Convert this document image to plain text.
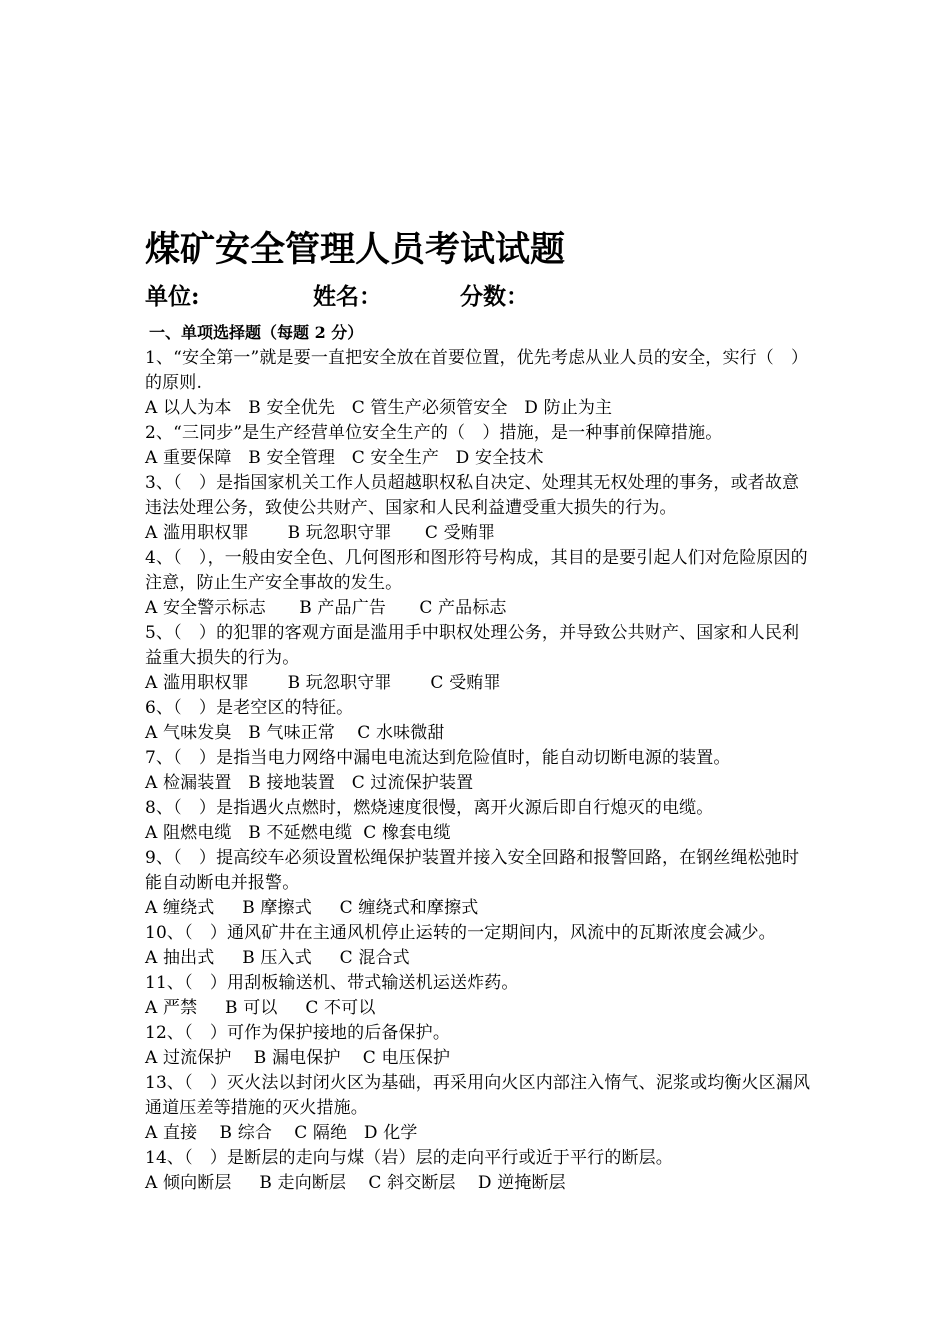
煤矿安全管理人员考试试题
单位:	姓名：	分数：
一、单项选择题（每题 2 分）
1、“安全第一”就是要一直把安全放在首要位置，优先考虑从业人员的安全，实行（　）的原则.
A 以人为本   B 安全优先   C 管生产必须管安全   D 防止为主
2、“三同步”是生产经营单位安全生产的（　）措施，是一种事前保障措施。
A 重要保障   B 安全管理   C 安全生产   D 安全技术
3、（　）是指国家机关工作人员超越职权私自决定、处理其无权处理的事务，或者故意违法处理公务，致使公共财产、国家和人民利益遭受重大损失的行为。
A 滥用职权罪       B 玩忽职守罪      C 受贿罪
4、（　），一般由安全色、几何图形和图形符号构成，其目的是要引起人们对危险原因的注意，防止生产安全事故的发生。
A 安全警示标志      B 产品广告      C 产品标志
5、（　）的犯罪的客观方面是滥用手中职权处理公务，并导致公共财产、国家和人民利益重大损失的行为。
A 滥用职权罪       B 玩忽职守罪       C 受贿罪
6、（　）是老空区的特征。
A 气味发臭   B 气味正常    C 水味微甜
7、（　）是指当电力网络中漏电电流达到危险值时，能自动切断电源的装置。
A 检漏装置   B 接地装置   C 过流保护装置
8、（　）是指遇火点燃时，燃烧速度很慢，离开火源后即自行熄灭的电缆。
A 阻燃电缆   B 不延燃电缆  C 橡套电缆
9、（　）提高绞车必须设置松绳保护装置并接入安全回路和报警回路，在钢丝绳松弛时能自动断电并报警。
A 缠绕式     B 摩擦式     C 缠绕式和摩擦式
10、（　）通风矿井在主通风机停止运转的一定期间内，风流中的瓦斯浓度会减少。
A 抽出式     B 压入式     C 混合式
11、（　）用刮板输送机、带式输送机运送炸药。
A 严禁     B 可以     C 不可以
12、（　）可作为保护接地的后备保护。
A 过流保护    B 漏电保护    C 电压保护
13、（　）灭火法以封闭火区为基础，再采用向火区内部注入惰气、泥浆或均衡火区漏风通道压差等措施的灭火措施。
A 直接    B 综合    C 隔绝   D 化学
14、（　）是断层的走向与煤（岩）层的走向平行或近于平行的断层。
A 倾向断层     B 走向断层    C 斜交断层    D 逆掩断层
